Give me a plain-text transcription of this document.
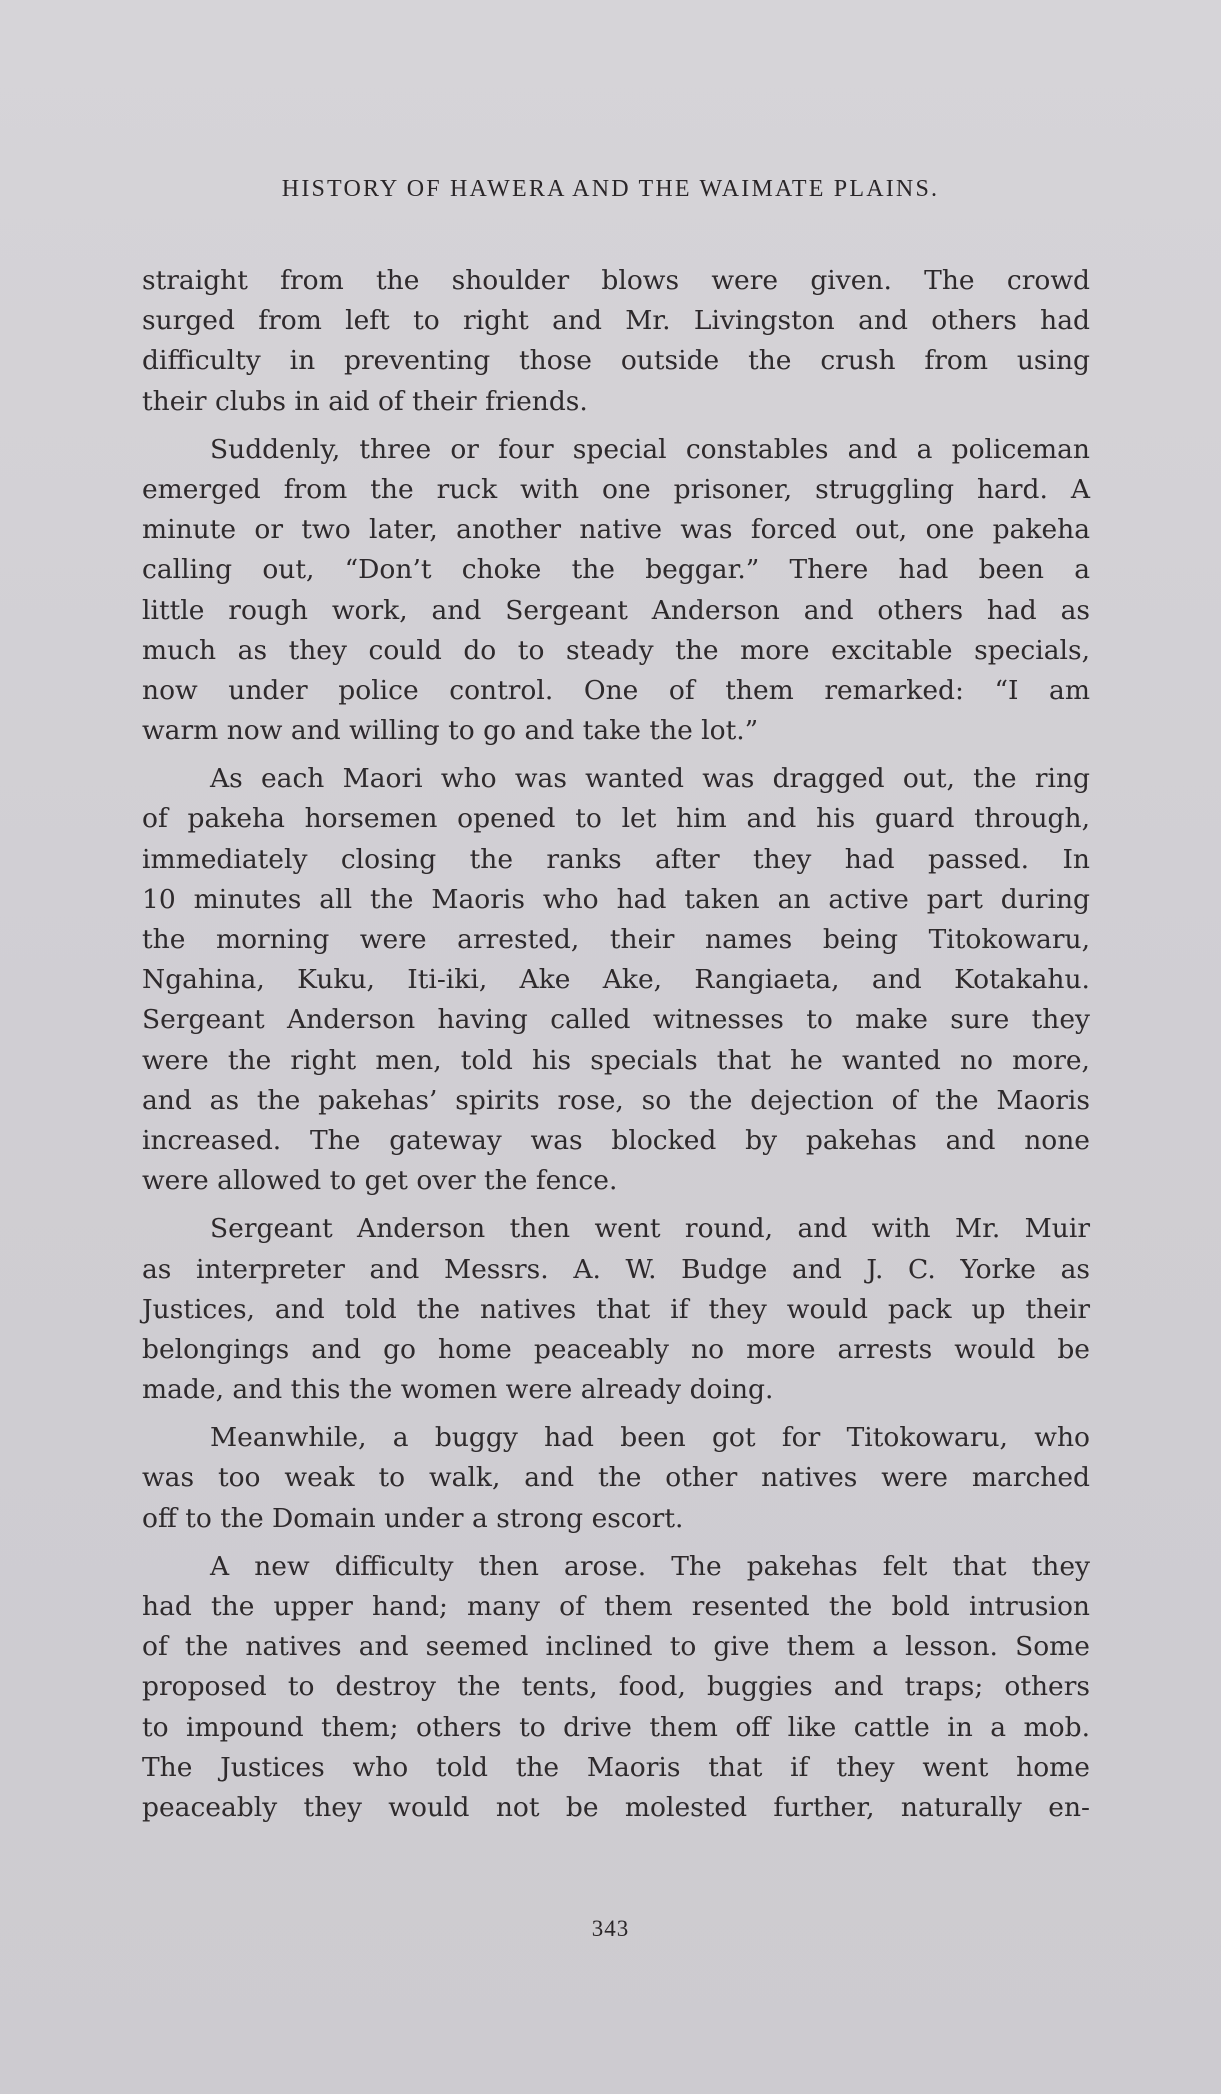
HISTORY OF HAWERA AND THE WAIMATE PLAINS.

straight from the shoulder blows were given. The crowd
surged from left to right and Mr. Livingston and others had
difficulty in preventing those outside the crush from using
their clubs in aid of their friends.

Suddenly, three or four special constables and a policeman
emerged from the ruck with one prisoner, struggling hard. A
minute or two later, another native was forced out, one pakeha
calling out, “Don’t choke the beggar.” There had been a
little rough work, and Sergeant Anderson and others had as
much as they could do to steady the more excitable specials,
now under police control. One of them remarked: “I am
warm now and willing to go and take the lot.”

As each Maori who was wanted was dragged out, the ring
of pakeha horsemen opened to let him and his guard through,
immediately closing the ranks after they had passed. In
10 minutes all the Maoris who had taken an active part during
the morning were arrested, their names being Titokowaru,
Ngahina, Kuku, Iti-iki, Ake Ake, Rangiaeta, and Kotakahu.
Sergeant Anderson having called witnesses to make sure they
were the right men, told his specials that he wanted no more,
and as the pakehas’ spirits rose, so the dejection of the Maoris
increased. The gateway was blocked by pakehas and none
were allowed to get over the fence.

Sergeant Anderson then went round, and with Mr. Muir
as interpreter and Messrs. A. W. Budge and J. C. Yorke as
Justices, and told the natives that if they would pack up their
belongings and go home peaceably no more arrests would be
made, and this the women were already doing.

Meanwhile, a buggy had been got for Titokowaru, who
was too weak to walk, and the other natives were marched
off to the Domain under a strong escort.

A new difficulty then arose. The pakehas felt that they
had the upper hand; many of them resented the bold intrusion
of the natives and seemed inclined to give them a lesson. Some
proposed to destroy the tents, food, buggies and traps; others
to impound them; others to drive them off like cattle in a mob.
The Justices who told the Maoris that if they went home
peaceably they would not be molested further, naturally en-

343
